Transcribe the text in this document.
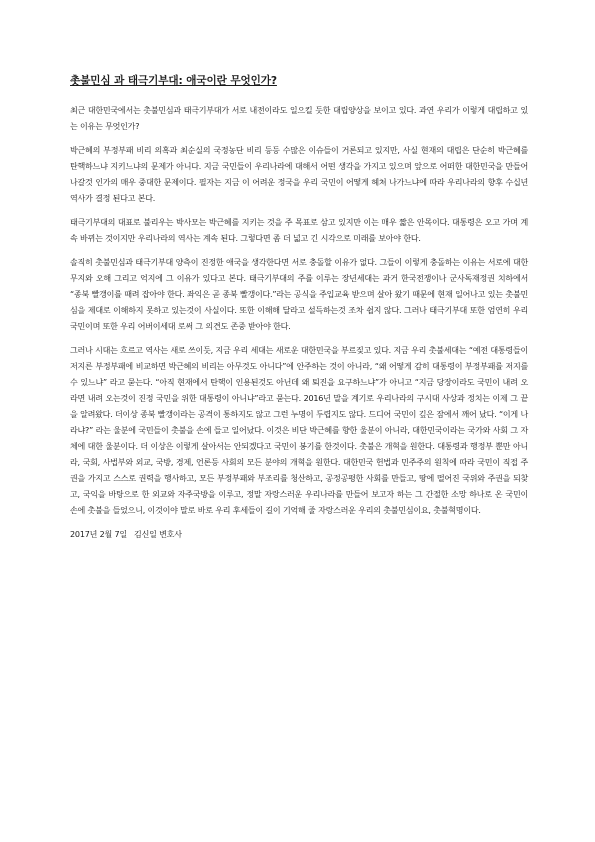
촛불민심 과 태극기부대: 애국이란 무엇인가?

최근 대한민국에서는 촛불민심과 태극기부대가 서로 내전이라도 일으킬 듯한 대립양상을 보이고 있다. 과연 우리가 이렇게 대립하고 있는 이유는 무엇인가?

박근혜의 부정부패 비리 의혹과 최순실의 국정농단 비리 등등 수많은 이슈들이 거론되고 있지만, 사실 현재의 대립은 단순히 박근혜를 탄핵하느냐 지키느냐의 문제가 아니다. 지금 국민들이 우리나라에 대해서 어떤 생각을 가지고 있으며 앞으로 어떠한 대한민국을 만들어 나갈것 인가의 매우 중대한 문제이다. 필자는 지금 이 어려운 정국을 우리 국민이 어떻게 헤쳐 나가느냐에 따라 우리나라의 향후 수십년 역사가 결정 된다고 본다.

태극기부대의 대표로 불리우는 박사모는 박근혜를 지키는 것을 주 목표로 삼고 있지만 이는 매우 짧은 안목이다. 대통령은 오고 가며 계속 바뀌는 것이지만 우리나라의 역사는 계속 된다. 그렇다면 좀 더 넓고 긴 시각으로 미래를 보아야 한다.

솔직히 촛불민심과 태극기부대 양측이 진정한 애국을 생각한다면 서로 충돌할 이유가 없다. 그들이 이렇게 충돌하는 이유는 서로에 대한 무지와 오해 그리고 억지에 그 이유가 있다고 본다. 태극기부대의 주를 이루는 장년세대는 과거 한국전쟁이나 군사독재정권 치하에서 “종북 빨갱이를 때려 잡아야 한다. 좌익은 곧 종북 빨갱이다.”라는 공식을 주입교육 받으며 살아 왔기 때문에 현재 일어나고 있는 촛불민심을 제대로 이해하지 못하고 있는것이 사실이다. 또한 이해해 달라고 설득하는것 조차 쉽지 않다. 그러나 태극기부대 또한 엄연히 우리 국민이며 또한 우리 어버이세대 로써 그 의견도 존중 받아야 한다.

그러나 시대는 흐르고 역사는 새로 쓰이듯, 지금 우리 세대는 새로운 대한민국을 부르짖고 있다. 지금 우리 촛불세대는 “예전 대통령들이 저지른 부정부패에 비교하면 박근혜의 비리는 아무것도 아니다”에 안주하는 것이 아니라, “왜 어떻게 감히 대통령이 부정부패를 저지를수 있느냐” 라고 묻는다. “아직 현재에서 탄핵이 인용된것도 아닌데 왜 퇴진을 요구하느냐”가 아니고 “지금 당장이라도 국민이 내려 오라면 내려 오는것이 진정 국민을 위한 대통령이 아니냐”라고 묻는다. 2016년 말을 계기로 우리나라의 구시대 사상과 정치는 이제 그 끝을 알려왔다. 더이상 종북 빨갱이라는 공격이 통하지도 않고 그런 누명이 두렵지도 않다. 드디어 국민이 깊은 잠에서 깨어 났다. “이게 나라냐?” 라는 울분에 국민들이 촛불을 손에 들고 일어났다. 이것은 비단 박근혜를 향한 울분이 아니라, 대한민국이라는 국가와 사회 그 자체에 대한 울분이다. 더 이상은 이렇게 살아서는 안되겠다고 국민이 봉기를 한것이다. 촛불은 개혁을 원한다. 대통령과 행정부 뿐만 아니라, 국회, 사법부와 외교, 국방, 경제, 언론등 사회의 모든 분야의 개혁을 원한다. 대한민국 헌법과 민주주의 원칙에 따라 국민이 직접 주권을 가지고 스스로 권력을 행사하고, 모든 부정부패와 부조리를 청산하고, 공정공평한 사회를 만들고, 땅에 떨어진 국위와 주권을 되찾고, 국익을 바탕으로 한 외교와 자주국방을 이루고, 정말 자랑스러운 우리나라를 만들어 보고자 하는 그 간절한 소망 하나로 온 국민이 손에 촛불을 들었으니, 이것이야 말로 바로 우리 후세들이 길이 기억해 줄 자랑스러운 우리의 촛불민심이요, 촛불혁명이다.

2017년 2월 7일   김신일 변호사
